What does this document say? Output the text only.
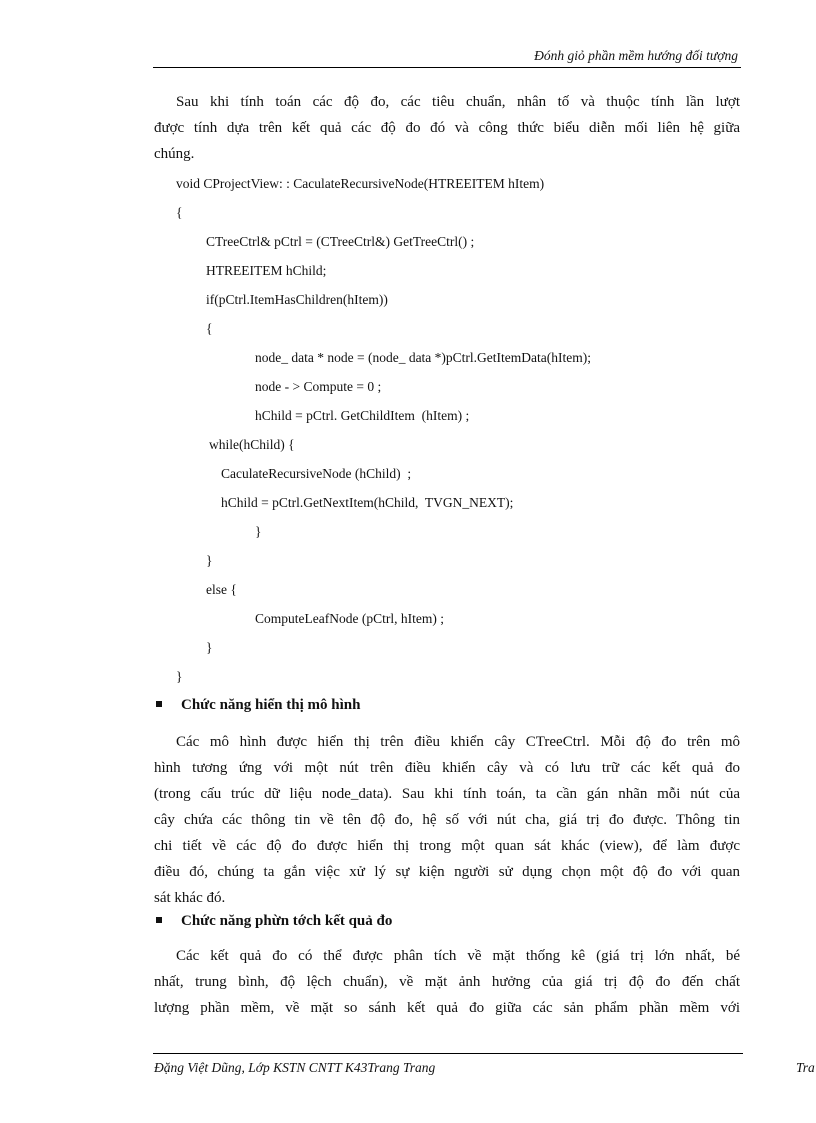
Đónh giỏ phần mềm hướng đối tượng

Sau khi tính toán các độ đo, các tiêu chuẩn, nhân tố và thuộc tính lần lượt
được tính dựa trên kết quả các độ đo đó và công thức biểu diễn mối liên hệ giữa
chúng.

void CProjectView: : CaculateRecursiveNode(HTREEITEM hItem)
{
CTreeCtrl& pCtrl = (CTreeCtrl&) GetTreeCtrl() ;
HTREEITEM hChild;
if(pCtrl.ItemHasChildren(hItem))
{
node_ data * node = (node_ data *)pCtrl.GetItemData(hItem);
node - > Compute = 0 ;
hChild = pCtrl. GetChildItem  (hItem) ;
while(hChild) {
CaculateRecursiveNode (hChild)  ;
hChild = pCtrl.GetNextItem(hChild,  TVGN_NEXT);
}
}
else {
ComputeLeafNode (pCtrl, hItem) ;
}
}
Chức năng hiển thị mô hình

Các mô hình được hiển thị trên điều khiển cây CTreeCtrl. Mỗi độ đo trên mô
hình tương ứng với một nút trên điều khiển cây và có lưu trữ các kết quả đo
(trong cấu trúc dữ liệu node_data). Sau khi tính toán, ta cần gán nhãn mỗi nút của
cây chứa các thông tin về tên độ đo, hệ số với nút cha, giá trị đo được. Thông tin
chi tiết về các độ đo được hiển thị trong một quan sát khác (view), để làm được
điều đó, chúng ta gắn việc xử lý sự kiện người sử dụng chọn một độ đo với quan
sát khác đó.

Chức năng phừn tớch kết quả đo

Các kết quả đo có thể được phân tích về mặt thống kê (giá trị lớn nhất, bé
nhất, trung bình, độ lệch chuẩn), về mặt ảnh hưởng của giá trị độ đo đến chất
lượng phần mềm, về mặt so sánh kết quả đo giữa các sản phẩm phần mềm với

Đặng Việt Dũng, Lớp KSTN CNTT K43Trang Trang	Tra
